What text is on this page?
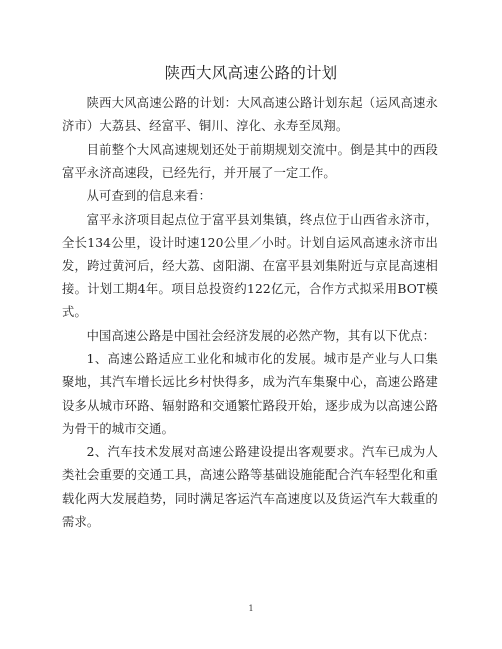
陕西大风高速公路的计划

陕西大风高速公路的计划：大风高速公路计划东起（运风高速永济市）大荔县、经富平、铜川、淳化、永寿至凤翔。

目前整个大风高速规划还处于前期规划交流中。倒是其中的西段富平永济高速段，已经先行，并开展了一定工作。

从可查到的信息来看：

富平永济项目起点位于富平县刘集镇，终点位于山西省永济市，全长134公里，设计时速120公里／小时。计划自运风高速永济市出发，跨过黄河后，经大荔、卤阳湖、在富平县刘集附近与京昆高速相接。计划工期4年。项目总投资约122亿元，合作方式拟采用BOT模式。

中国高速公路是中国社会经济发展的必然产物，其有以下优点：

1、高速公路适应工业化和城市化的发展。城市是产业与人口集聚地，其汽车增长远比乡村快得多，成为汽车集聚中心，高速公路建设多从城市环路、辐射路和交通繁忙路段开始，逐步成为以高速公路为骨干的城市交通。

2、汽车技术发展对高速公路建设提出客观要求。汽车已成为人类社会重要的交通工具，高速公路等基础设施能配合汽车轻型化和重载化两大发展趋势，同时满足客运汽车高速度以及货运汽车大载重的需求。

1
